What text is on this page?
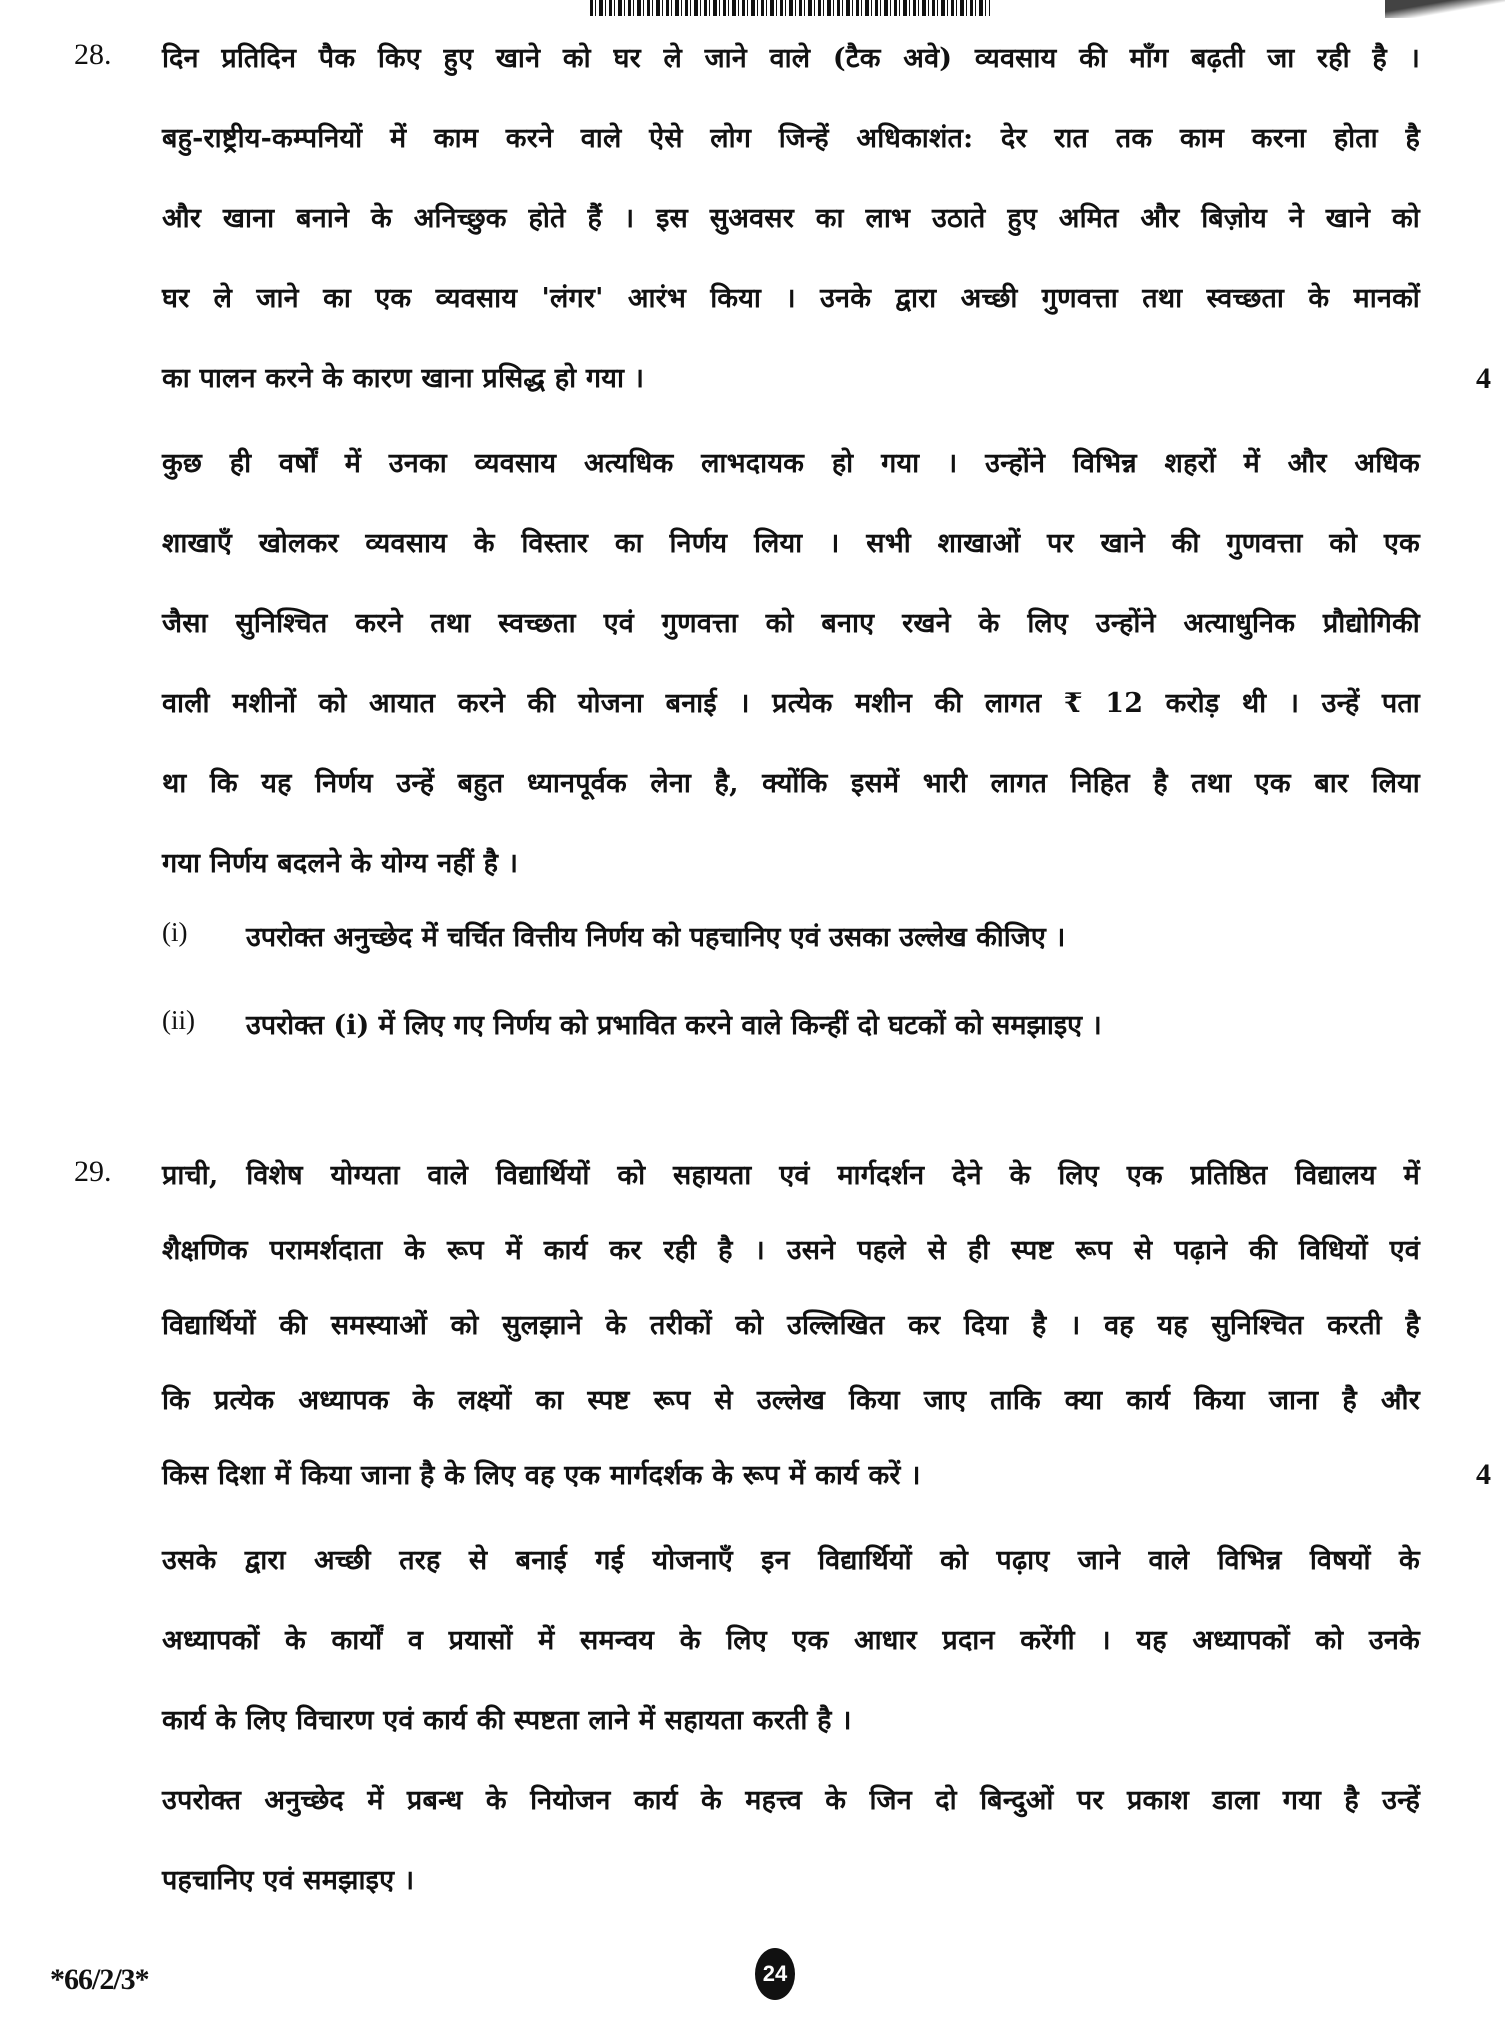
28. दिन प्रतिदिन पैक किए हुए खाने को घर ले जाने वाले (टैक अवे) व्यवसाय की माँग बढ़ती जा रही है ।
बहु-राष्ट्रीय-कम्पनियों में काम करने वाले ऐसे लोग जिन्हें अधिकाशंत: देर रात तक काम करना होता है
और खाना बनाने के अनिच्छुक होते हैं । इस सुअवसर का लाभ उठाते हुए अमित और बिज़ोय ने खाने को
घर ले जाने का एक व्यवसाय 'लंगर' आरंभ किया । उनके द्वारा अच्छी गुणवत्ता तथा स्वच्छता के मानकों
का पालन करने के कारण खाना प्रसिद्ध हो गया ।	4
कुछ ही वर्षों में उनका व्यवसाय अत्यधिक लाभदायक हो गया । उन्होंने विभिन्न शहरों में और अधिक
शाखाएँ खोलकर व्यवसाय के विस्तार का निर्णय लिया । सभी शाखाओं पर खाने की गुणवत्ता को एक
जैसा सुनिश्चित करने तथा स्वच्छता एवं गुणवत्ता को बनाए रखने के लिए उन्होंने अत्याधुनिक प्रौद्योगिकी
वाली मशीनों को आयात करने की योजना बनाई । प्रत्येक मशीन की लागत ₹ 12 करोड़ थी । उन्हें पता
था कि यह निर्णय उन्हें बहुत ध्यानपूर्वक लेना है, क्योंकि इसमें भारी लागत निहित है तथा एक बार लिया
गया निर्णय बदलने के योग्य नहीं है ।
(i) उपरोक्त अनुच्छेद में चर्चित वित्तीय निर्णय को पहचानिए एवं उसका उल्लेख कीजिए ।
(ii) उपरोक्त (i) में लिए गए निर्णय को प्रभावित करने वाले किन्हीं दो घटकों को समझाइए ।
29. प्राची, विशेष योग्यता वाले विद्यार्थियों को सहायता एवं मार्गदर्शन देने के लिए एक प्रतिष्ठित विद्यालय में
शैक्षणिक परामर्शदाता के रूप में कार्य कर रही है । उसने पहले से ही स्पष्ट रूप से पढ़ाने की विधियों एवं
विद्यार्थियों की समस्याओं को सुलझाने के तरीकों को उल्लिखित कर दिया है । वह यह सुनिश्चित करती है
कि प्रत्येक अध्यापक के लक्ष्यों का स्पष्ट रूप से उल्लेख किया जाए ताकि क्या कार्य किया जाना है और
किस दिशा में किया जाना है के लिए वह एक मार्गदर्शक के रूप में कार्य करें ।	4
उसके द्वारा अच्छी तरह से बनाई गई योजनाएँ इन विद्यार्थियों को पढ़ाए जाने वाले विभिन्न विषयों के
अध्यापकों के कार्यों व प्रयासों में समन्वय के लिए एक आधार प्रदान करेंगी । यह अध्यापकों को उनके
कार्य के लिए विचारण एवं कार्य की स्पष्टता लाने में सहायता करती है ।
उपरोक्त अनुच्छेद में प्रबन्ध के नियोजन कार्य के महत्त्व के जिन दो बिन्दुओं पर प्रकाश डाला गया है उन्हें
पहचानिए एवं समझाइए ।
*66/2/3*	24
